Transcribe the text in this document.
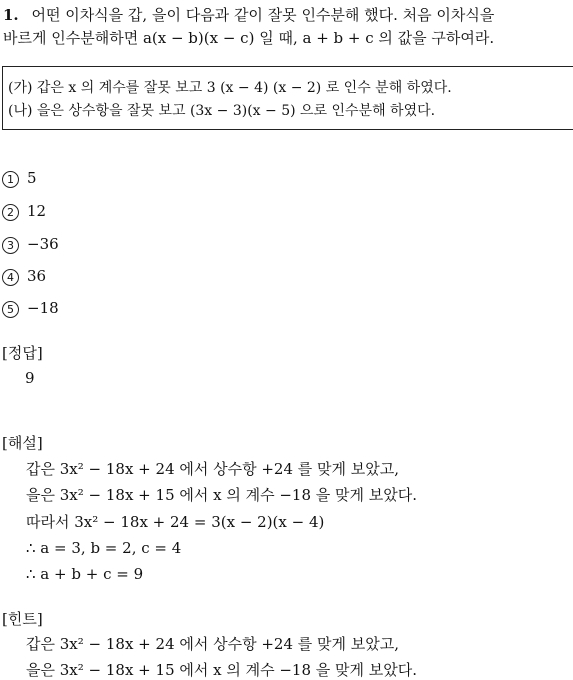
1. 어떤 이차식을 갑, 을이 다음과 같이 잘못 인수분해 했다. 처음 이차식을
바르게 인수분해하면 a(x − b)(x − c) 일 때, a + b + c 의 값을 구하여라.
(가) 갑은 x 의 계수를 잘못 보고 3 (x − 4) (x − 2) 로 인수 분해 하였다.
(나) 을은 상수항을 잘못 보고 (3x − 3)(x − 5) 으로 인수분해 하였다.
1 5
2 12
3 −36
4 36
5 −18
[정답]
9
[해설]
갑은 3x² − 18x + 24 에서 상수항 +24 를 맞게 보았고,
을은 3x² − 18x + 15 에서 x 의 계수 −18 을 맞게 보았다.
따라서 3x² − 18x + 24 = 3(x − 2)(x − 4)
∴ a = 3, b = 2, c = 4
∴ a + b + c = 9
[힌트]
갑은 3x² − 18x + 24 에서 상수항 +24 를 맞게 보았고,
을은 3x² − 18x + 15 에서 x 의 계수 −18 을 맞게 보았다.
